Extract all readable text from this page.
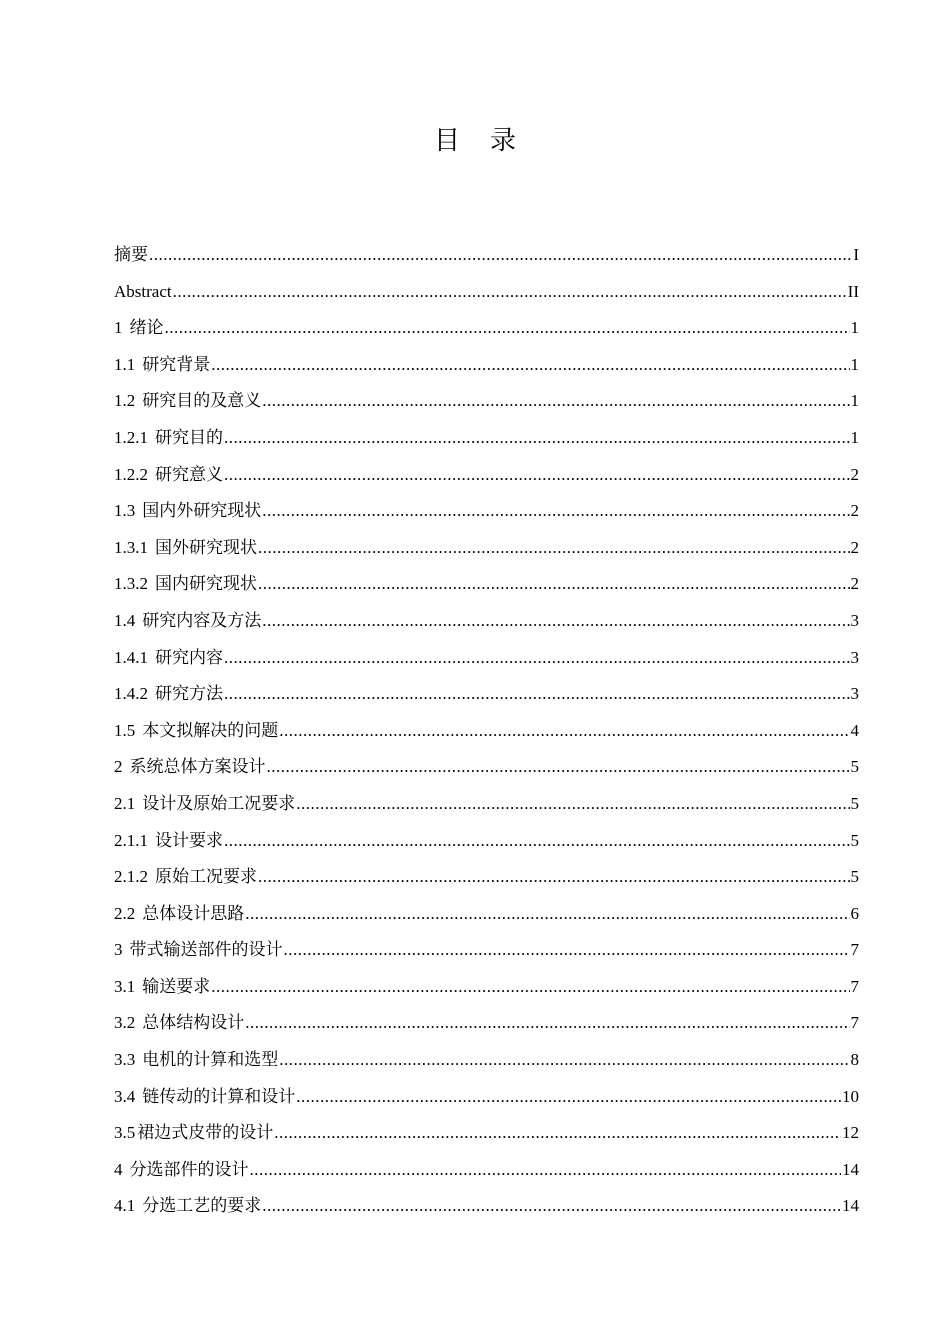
目 录
摘要 .....	I
Abstract .....	II
1 绪论 .....	1
1.1 研究背景 .....	1
1.2 研究目的及意义 .....	1
1.2.1 研究目的 .....	1
1.2.2 研究意义 .....	2
1.3 国内外研究现状 .....	2
1.3.1 国外研究现状 .....	2
1.3.2 国内研究现状 .....	2
1.4 研究内容及方法 .....	3
1.4.1 研究内容 .....	3
1.4.2 研究方法 .....	3
1.5 本文拟解决的问题 .....	4
2 系统总体方案设计 .....	5
2.1 设计及原始工况要求 .....	5
2.1.1 设计要求 .....	5
2.1.2 原始工况要求 .....	5
2.2 总体设计思路 .....	6
3 带式输送部件的设计 .....	7
3.1 输送要求 .....	7
3.2 总体结构设计 .....	7
3.3 电机的计算和选型 .....	8
3.4 链传动的计算和设计 .....	10
3.5 裙边式皮带的设计 .....	12
4 分选部件的设计 .....	14
4.1 分选工艺的要求 .....	14
